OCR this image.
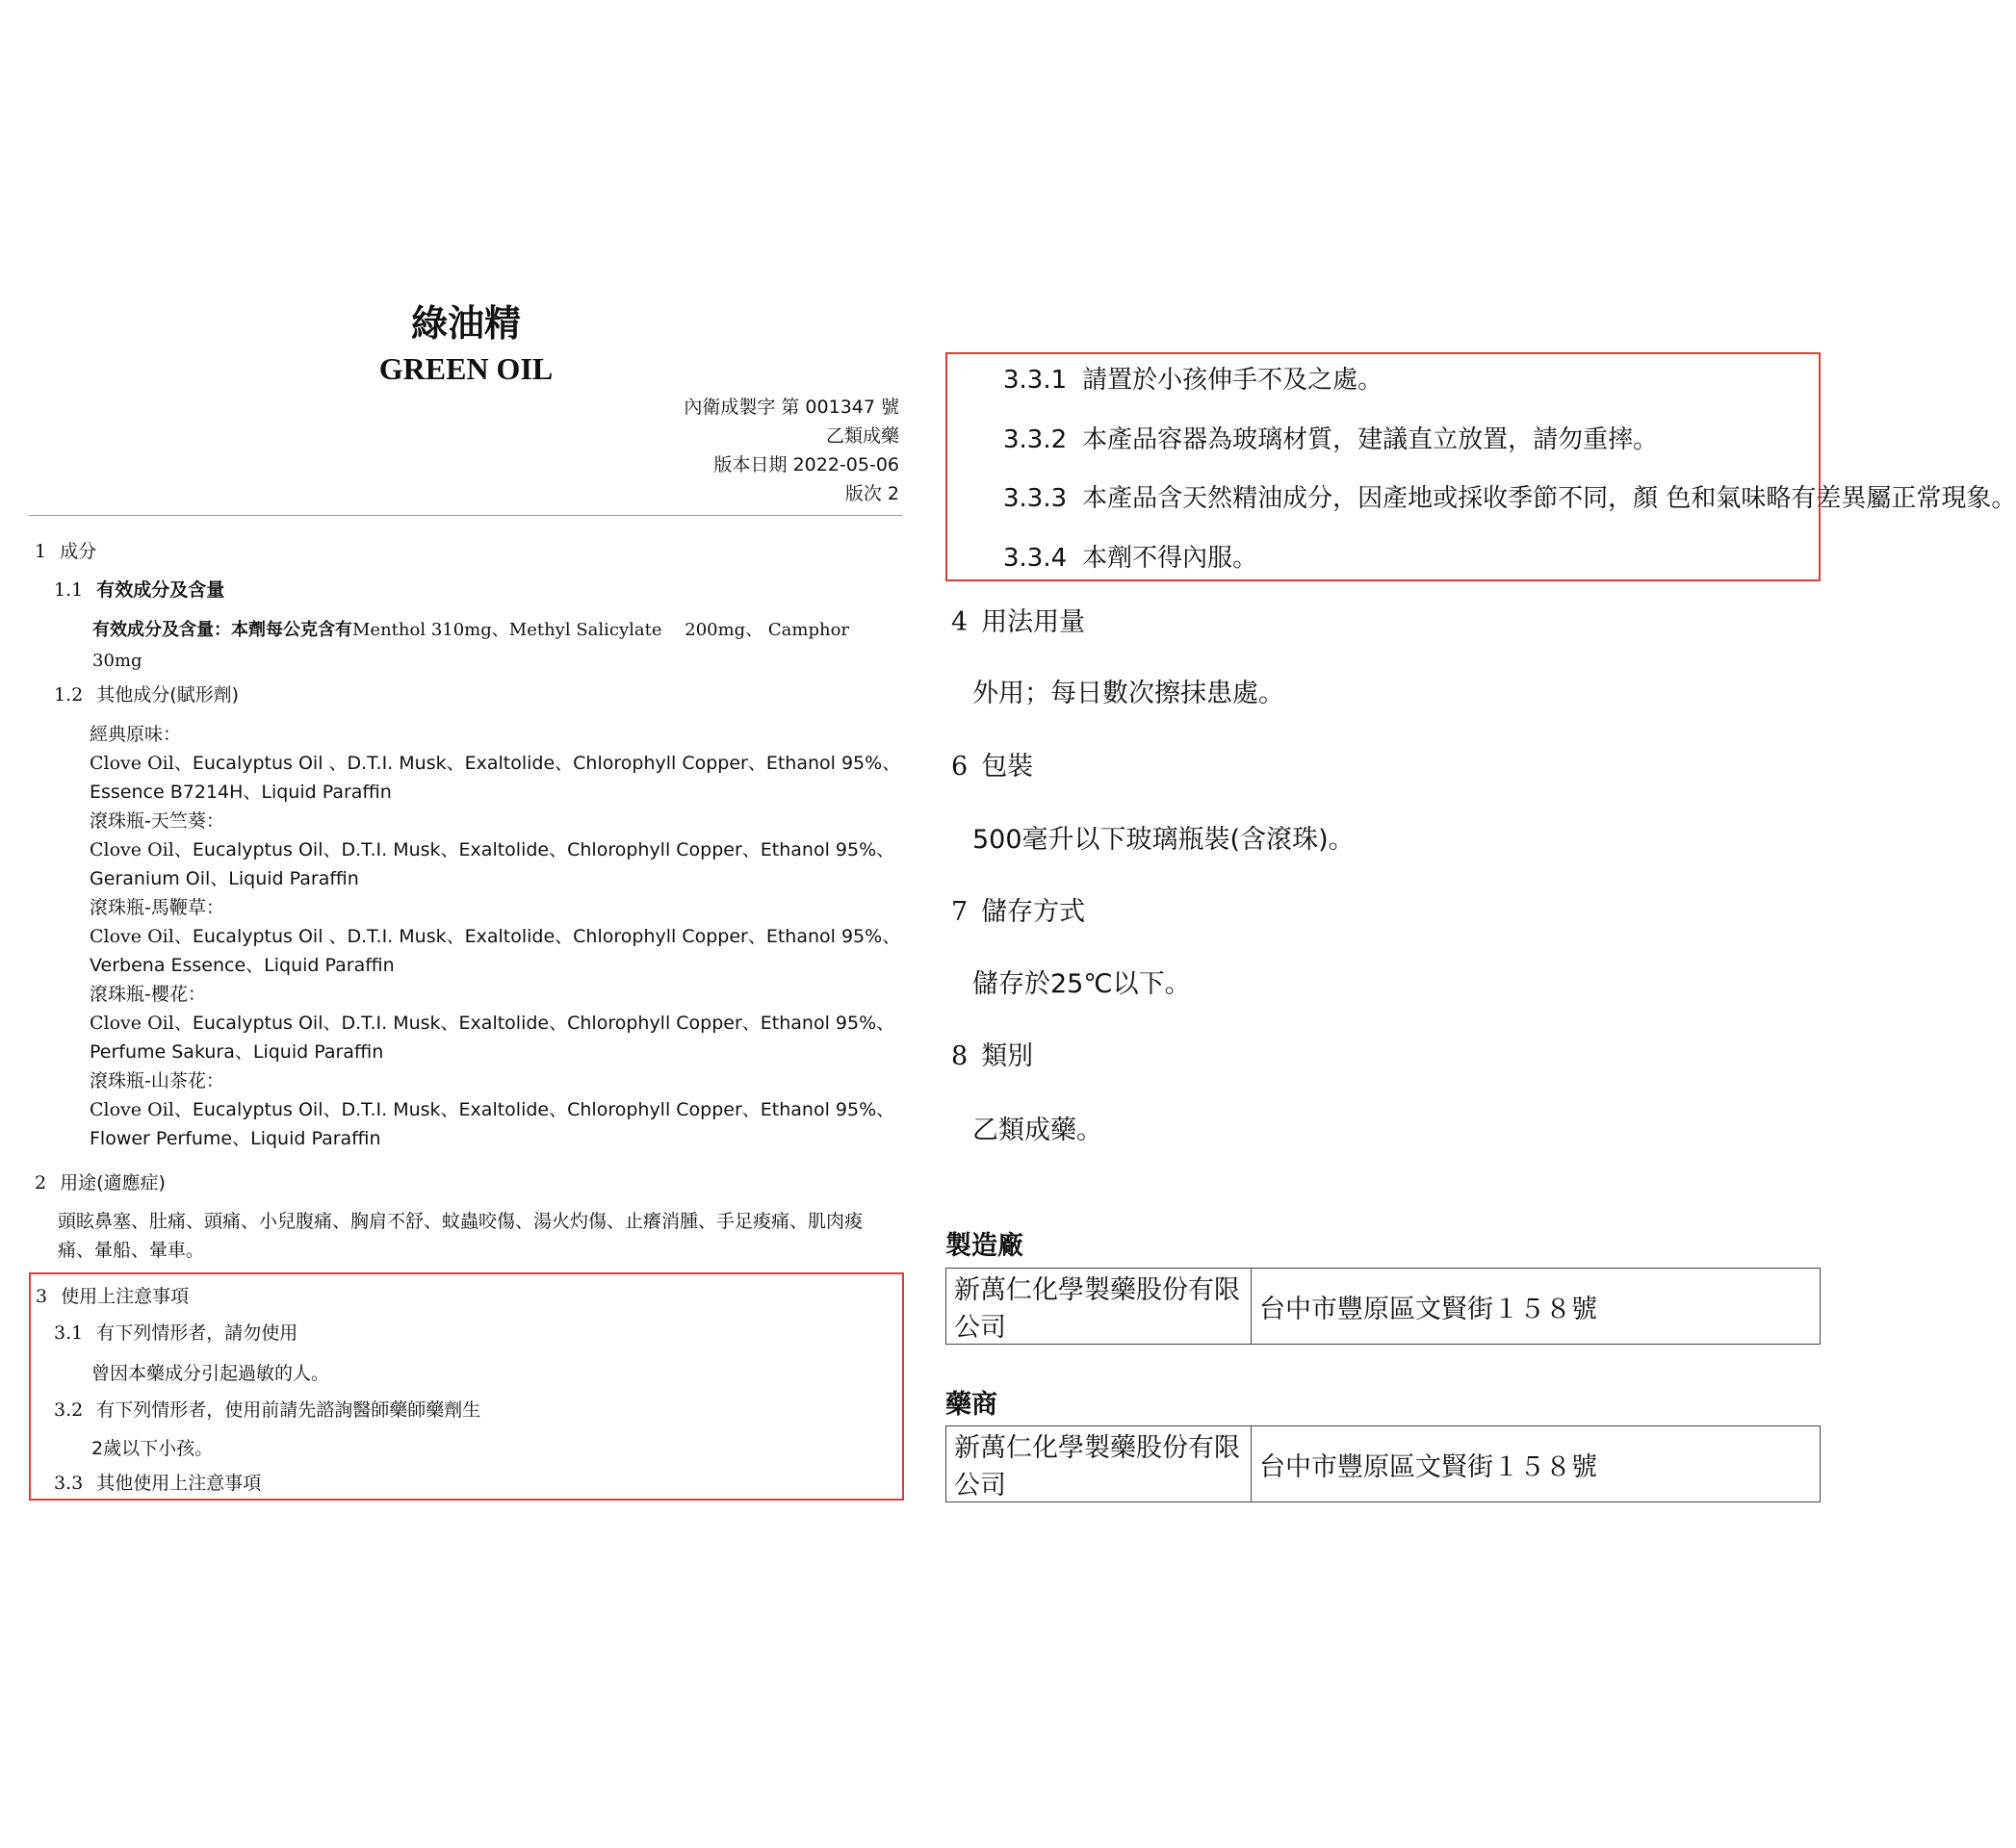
綠油精
GREEN OIL
內衛成製字 第 001347 號
乙類成藥
版本日期 2022-05-06
版次 2
1 成分
1.1 有效成分及含量
有效成分及含量：本劑每公克含有Menthol 310mg、Methyl Salicylate 　200mg、 Camphor
30mg
1.2 其他成分(賦形劑)
經典原味：
Clove Oil、Eucalyptus Oil 、D.T.I. Musk、Exaltolide、Chlorophyll Copper、Ethanol 95%、
Essence B7214H、Liquid Paraffin
滾珠瓶-天竺葵：
Clove Oil、Eucalyptus Oil、D.T.I. Musk、Exaltolide、Chlorophyll Copper、Ethanol 95%、
Geranium Oil、Liquid Paraffin
滾珠瓶-馬鞭草：
Clove Oil、Eucalyptus Oil 、D.T.I. Musk、Exaltolide、Chlorophyll Copper、Ethanol 95%、
Verbena Essence、Liquid Paraffin
滾珠瓶-櫻花：
Clove Oil、Eucalyptus Oil、D.T.I. Musk、Exaltolide、Chlorophyll Copper、Ethanol 95%、
Perfume Sakura、Liquid Paraffin
滾珠瓶-山茶花：
Clove Oil、Eucalyptus Oil、D.T.I. Musk、Exaltolide、Chlorophyll Copper、Ethanol 95%、
Flower Perfume、Liquid Paraffin
2 用途(適應症)
頭眩鼻塞、肚痛、頭痛、小兒腹痛、胸肩不舒、蚊蟲咬傷、湯火灼傷、止癢消腫、手足痠痛、肌肉痠
痛、暈船、暈車。
3 使用上注意事項
3.1 有下列情形者，請勿使用
曾因本藥成分引起過敏的人。
3.2 有下列情形者，使用前請先諮詢醫師藥師藥劑生
2歲以下小孩。
3.3 其他使用上注意事項
3.3.1 請置於小孩伸手不及之處。
3.3.2 本產品容器為玻璃材質，建議直立放置，請勿重摔。
3.3.3 本產品含天然精油成分，因產地或採收季節不同，顏 色和氣味略有差異屬正常現象。
3.3.4 本劑不得內服。
4 用法用量
外用；每日數次擦抹患處。
6 包裝
500毫升以下玻璃瓶裝(含滾珠)。
7 儲存方式
儲存於25℃以下。
8 類別
乙類成藥。
製造廠
新萬仁化學製藥股份有限公司	台中市豐原區文賢街１５８號
藥商
新萬仁化學製藥股份有限公司	台中市豐原區文賢街１５８號
